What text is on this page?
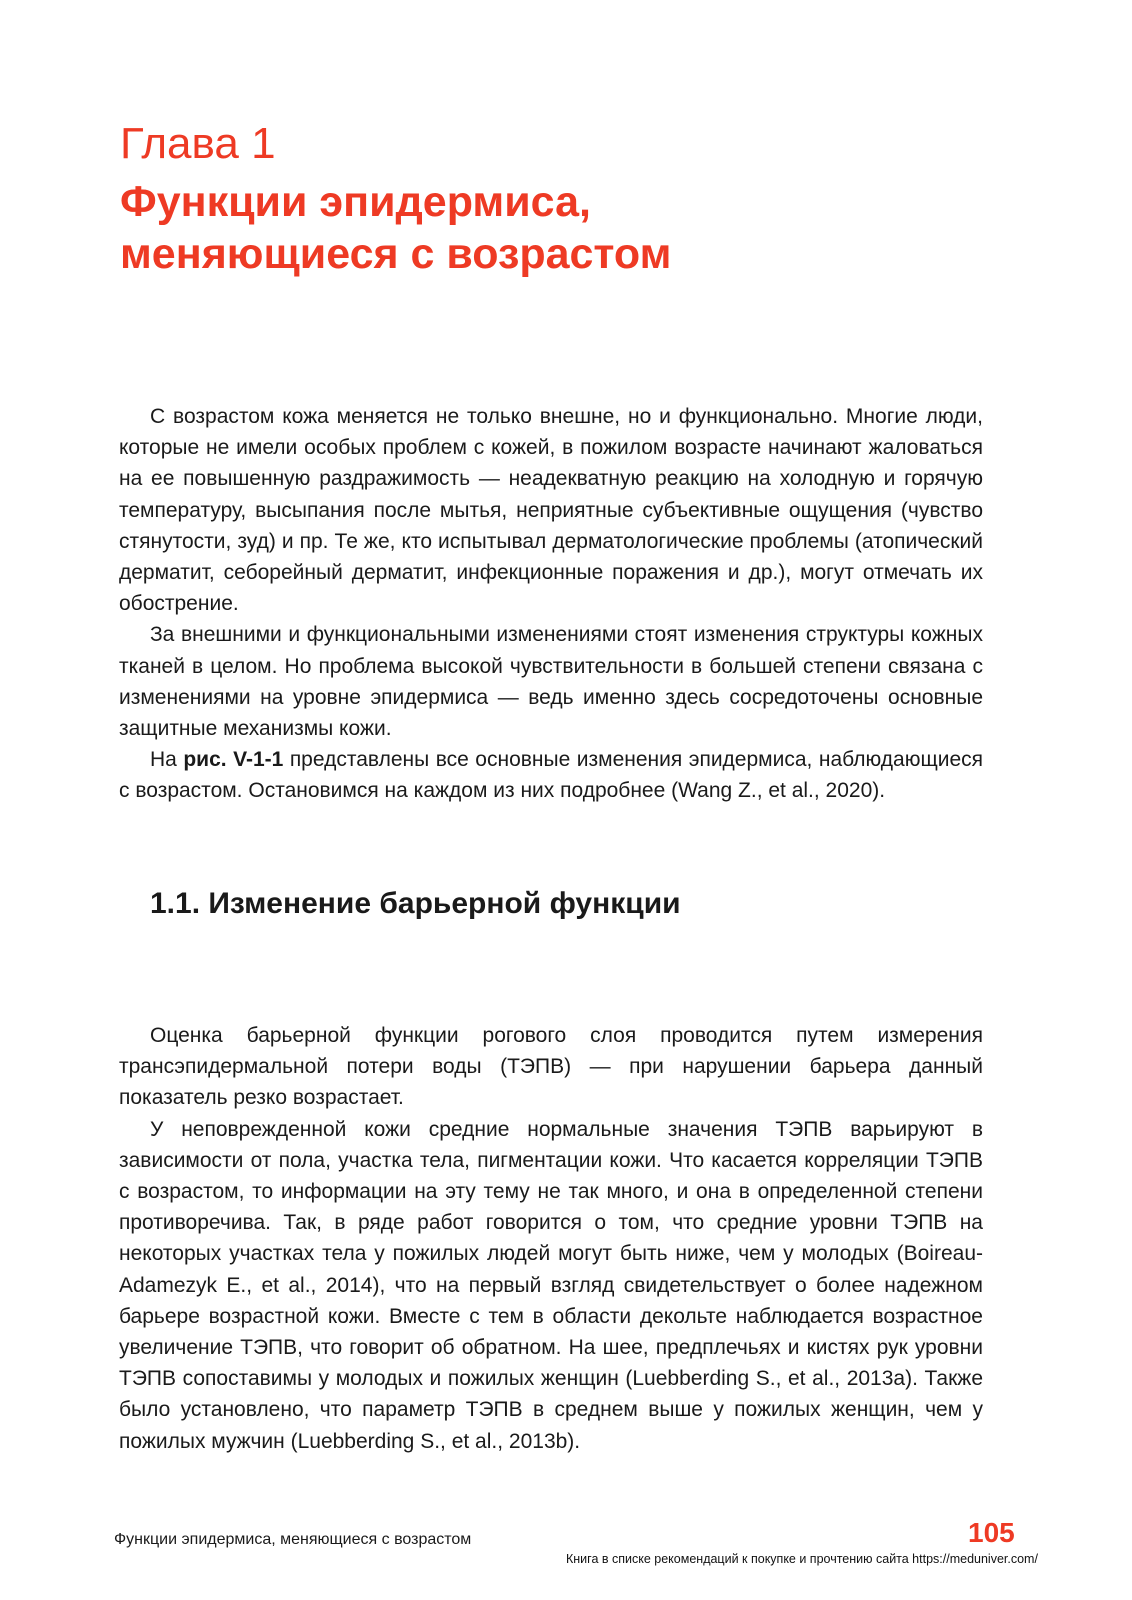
Глава 1
Функции эпидермиса,
меняющиеся с возрастом

С возрастом кожа меняется не только внешне, но и функционально. Многие люди, которые не имели особых проблем с кожей, в пожилом возрасте начинают жаловаться на ее повышенную раздражимость — неадекватную реакцию на холодную и горячую температуру, высыпания после мытья, неприятные субъективные ощущения (чувство стянутости, зуд) и пр. Те же, кто испытывал дерматологические проблемы (атопический дерматит, себорейный дерматит, инфекционные поражения и др.), могут отмечать их обострение.

За внешними и функциональными изменениями стоят изменения структуры кожных тканей в целом. Но проблема высокой чувствительности в большей степени связана с изменениями на уровне эпидермиса — ведь именно здесь сосредоточены основные защитные механизмы кожи.

На рис. V-1-1 представлены все основные изменения эпидермиса, наблюдающиеся с возрастом. Остановимся на каждом из них подробнее (Wang Z., et al., 2020).

1.1. Изменение барьерной функции

Оценка барьерной функции рогового слоя проводится путем измерения трансэпидермальной потери воды (ТЭПВ) — при нарушении барьера данный показатель резко возрастает.

У неповрежденной кожи средние нормальные значения ТЭПВ варьируют в зависимости от пола, участка тела, пигментации кожи. Что касается корреляции ТЭПВ с возрастом, то информации на эту тему не так много, и она в определенной степени противоречива. Так, в ряде работ говорится о том, что средние уровни ТЭПВ на некоторых участках тела у пожилых людей могут быть ниже, чем у молодых (Boireau-Adamezyk E., et al., 2014), что на первый взгляд свидетельствует о более надежном барьере возрастной кожи. Вместе с тем в области декольте наблюдается возрастное увеличение ТЭПВ, что говорит об обратном. На шее, предплечьях и кистях рук уровни ТЭПВ сопоставимы у молодых и пожилых женщин (Luebberding S., et al., 2013a). Также было установлено, что параметр ТЭПВ в среднем выше у пожилых женщин, чем у пожилых мужчин (Luebberding S., et al., 2013b).

Функции эпидермиса, меняющиеся с возрастом	105
Книга в списке рекомендаций к покупке и прочтению сайта https://meduniver.com/
